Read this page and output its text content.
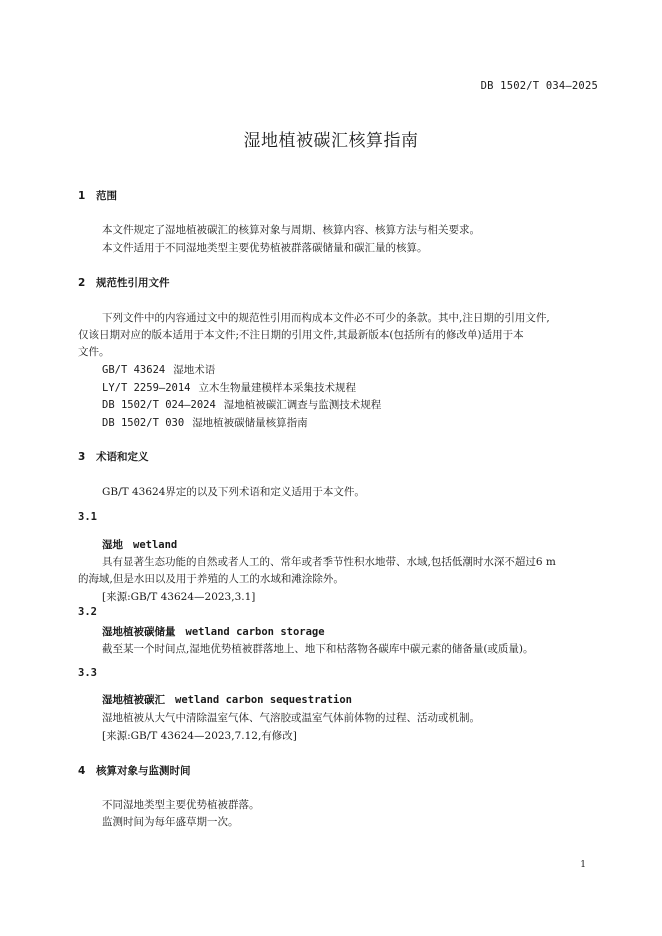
DB 1502/T 034—2025
湿地植被碳汇核算指南
1 范围
本文件规定了湿地植被碳汇的核算对象与周期、核算内容、核算方法与相关要求。
本文件适用于不同湿地类型主要优势植被群落碳储量和碳汇量的核算。
2 规范性引用文件
下列文件中的内容通过文中的规范性引用而构成本文件必不可少的条款。其中,注日期的引用文件,
仅该日期对应的版本适用于本文件;不注日期的引用文件,其最新版本(包括所有的修改单)适用于本
文件。
GB/T 43624 湿地术语
LY/T 2259—2014 立木生物量建模样本采集技术规程
DB 1502/T 024—2024 湿地植被碳汇调查与监测技术规程
DB 1502/T 030 湿地植被碳储量核算指南
3 术语和定义
GB/T 43624界定的以及下列术语和定义适用于本文件。
3.1
湿地 wetland
具有显著生态功能的自然或者人工的、常年或者季节性积水地带、水域,包括低潮时水深不超过6 m
的海域,但是水田以及用于养殖的人工的水域和滩涂除外。
[来源:GB/T 43624—2023,3.1]
3.2
湿地植被碳储量 wetland carbon storage
截至某一个时间点,湿地优势植被群落地上、地下和枯落物各碳库中碳元素的储备量(或质量)。
3.3
湿地植被碳汇 wetland carbon sequestration
湿地植被从大气中清除温室气体、气溶胶或温室气体前体物的过程、活动或机制。
[来源:GB/T 43624—2023,7.12,有修改]
4 核算对象与监测时间
不同湿地类型主要优势植被群落。
监测时间为每年盛草期一次。
1
